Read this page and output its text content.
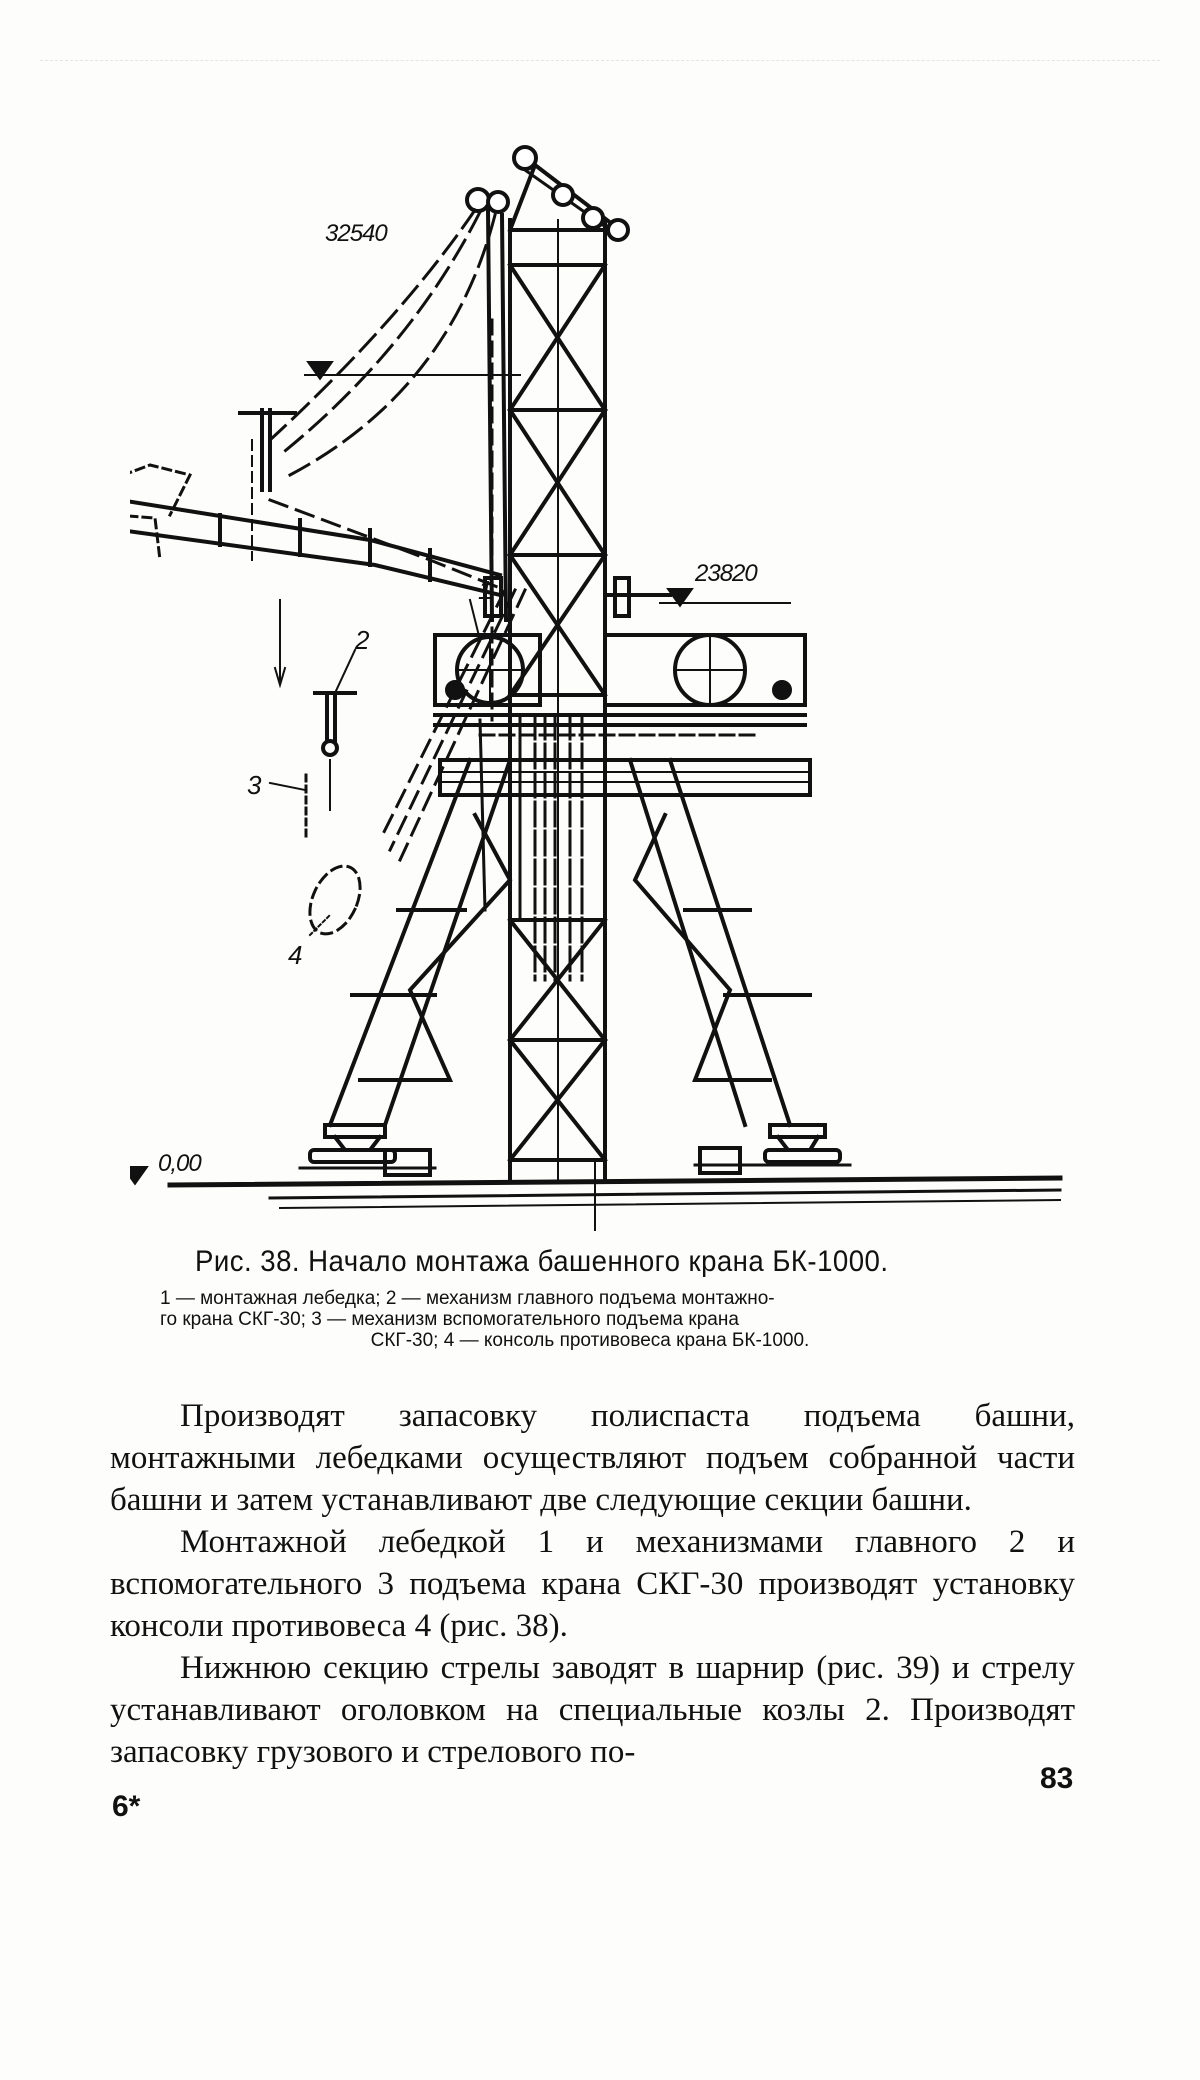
32540
23820
0,00
1
2
3
4
Рис. 38. Начало монтажа башенного крана БК-1000.
1 — монтажная лебедка; 2 — механизм главного подъема монтажно-
го крана СКГ-30; 3 — механизм вспомогательного подъема крана

СКГ-30; 4 — консоль противовеса крана БК-1000.

Производят запасовку полиспаста подъема башни, монтажными лебедками осуществляют подъем собранной части башни и затем устанавливают две следующие секции башни.

Монтажной лебедкой 1 и механизмами главного 2 и вспомогательного 3 подъема крана СКГ-30 производят установку консоли противовеса 4 (рис. 38).

Нижнюю секцию стрелы заводят в шарнир (рис. 39) и стрелу устанавливают оголовком на специальные козлы 2. Производят запасовку грузового и стрелового по-

6*
83
